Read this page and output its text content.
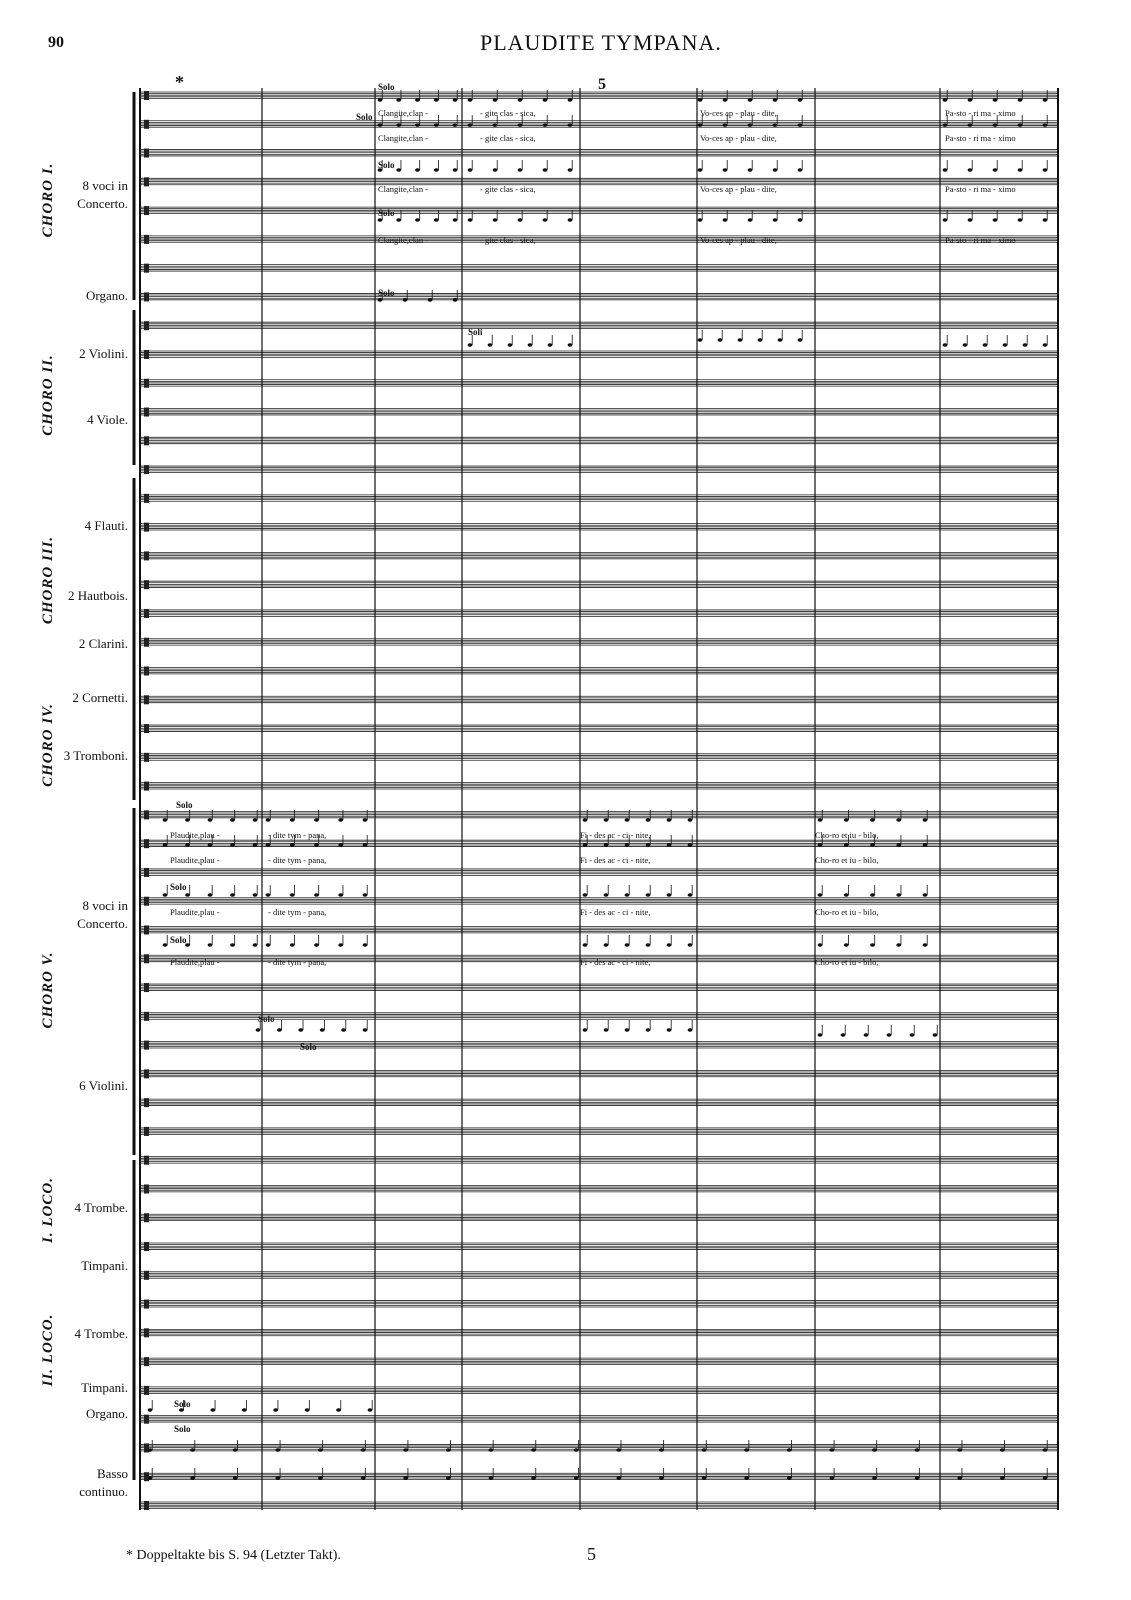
90	PLAUDITE TYMPANA.
*	5
8 voci in
Concerto.
Organo.
2 Violini.
4 Viole.
4 Flauti.
2 Hautbois.
2 Clarini.
2 Cornetti.
3 Tromboni.
8 voci in
Concerto.
6 Violini.
4 Trombe.
Timpani.
4 Trombe.
Timpani.
Organo.
Basso
continuo.
CHORO I.
CHORO II.
CHORO III.
CHORO IV.
CHORO V.
I. LOCO.
II. LOCO.
Solo
Solo
Solo
Solo
Solo
Solo
Solo
Solo
Solo
Solo
Solo
Solo
Soli
Clangite,clan -	- gite clas - sica,	Vo-ces ap - plau - dite,	Pa-sto - ri ma - ximo
Clangite,clan -	- gite clas - sica,	Vo-ces ap - plau - dite,	Pa-sto - ri ma - ximo
Clangite,clan -	- gite clas - sica,	Vo-ces ap - plau - dite,	Pa-sto - ri ma - ximo
Clangite,clan -	- gite clas - sica,	Vo-ces ap - plau - dite,	Pa-sto - ri ma - ximo
Plaudite,plau -	- dite tym - pana,	Fi - des ac - ci - nite,	Cho-ro et iu - bilo,
Plaudite,plau -	- dite tym - pana,	Fi - des ac - ci - nite,	Cho-ro et iu - bilo,
Plaudite,plau -	- dite tym - pana,	Fi - des ac - ci - nite,	Cho-ro et iu - bilo,
Plaudite,plau -	- dite tym - pana,	Fi - des ac - ci - nite,	Cho-ro et iu - bilo,
5
* Doppeltakte bis S. 94 (Letzter Takt).
